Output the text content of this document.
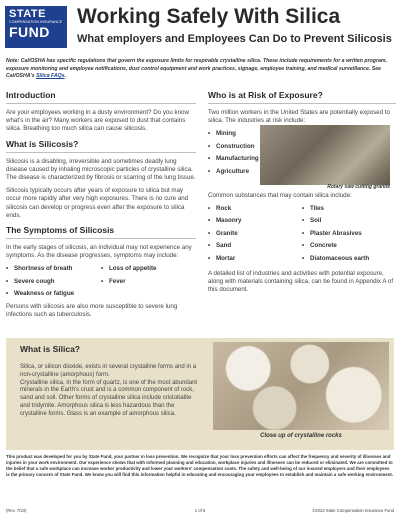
STATE
COMPENSATION INSURANCE
FUND
Working Safely With Silica
What employers and Employees Can Do to Prevent Silicosis
Note: Cal/OSHA has specific regulations that govern the exposure limits for respirable crystalline silica. These include requirements for a written program, exposure monitoring and employee notifications, dust control equipment and work practices, signage, employee training, and medical surveillance. See Cal/OSHA's Silica FAQs.
Introduction
Are your employees working in a dusty environment? Do you know what's in the air? Many workers are exposed to dust that contains silica. Breathing too much silica can cause silicosis.
What is Silicosis?
Silicosis is a disabling, irreversible and sometimes deadly lung disease caused by inhaling microscopic particles of crystalline silica. The disease is characterized by fibrosis or scarring of the lung tissue.
Silicosis typically occurs after years of exposure to silica but may occur more rapidly after very high exposures. There is no cure and silicosis can develop or progress even after the exposure to silica ends.
The Symptoms of Silicosis
In the early stages of silicosis, an individual may not experience any symptoms. As the disease progresses, symptoms may include:
• Shortness of breath
• Severe cough
• Weakness or fatigue
• Loss of appetite
• Fever
Persons with silicosis are also more susceptible to severe lung infections such as tuberculosis.
Who is at Risk of Exposure?
Two million workers in the United States are potentially exposed to silica. The industries at risk include:
• Mining
• Construction
• Manufacturing
• Agriculture
Common substances that may contain silica include:
• Rock
• Masonry
• Granite
• Sand
• Mortar
• Tiles
• Soil
• Plaster Abrasives
• Concrete
• Diatomaceous earth
A detailed list of industries and activities with potential exposure, along with materials containing silica, can be found in Appendix A of this document.
Rotary saw cutting granite
What is Silica?
Silica, or silicon dioxide, exists in several crystalline forms and in a non-crystalline (amorphous) form.
Crystalline silica, in the form of quartz, is one of the most abundant minerals in the Earth's crust and is a common component of rock, sand and soil. Other forms of crystalline silica include cristobalite and tridymite. Amorphous silica is less hazardous than the crystalline forms. Glass is an example of amorphous silica.
Close up of crystalline rocks
This product was developed for you by State Fund, your partner in loss prevention. We recognize that your loss prevention efforts can affect the frequency and severity of illnesses and injuries in your work environment. Our experience shows that with informed planning and education, workplace injuries and illnesses can be reduced or eliminated. We are committed to the belief that a safe workplace can increase worker productivity and lower your workers' compensation costs. The safety and well-being of our insured employers and their employees is the primary concern of State Fund. We know you will find this information helpful in educating and encouraging your employees to establish and maintain a safe working environment.
(Rev. 7/23)	1 of 6	©2023 State Compensation Insurance Fund
